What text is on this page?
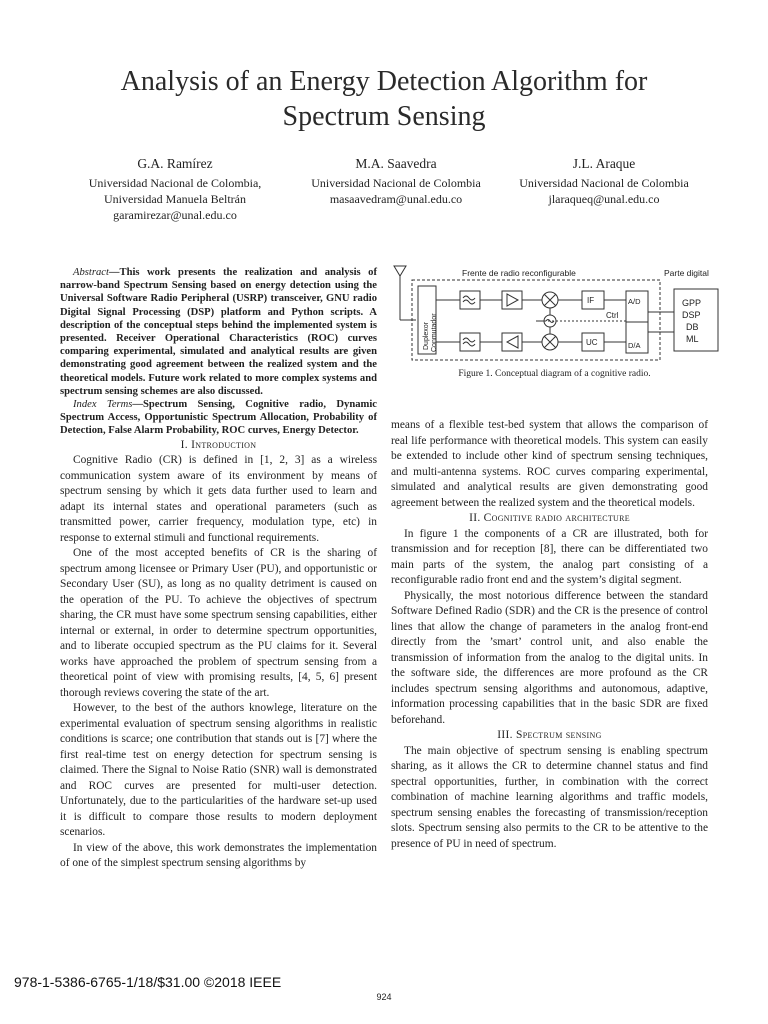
Analysis of an Energy Detection Algorithm for
Spectrum Sensing
G.A. Ramírez
Universidad Nacional de Colombia,
Universidad Manuela Beltrán
garamirezar@unal.edu.co
M.A. Saavedra
Universidad Nacional de Colombia
masaavedram@unal.edu.co
J.L. Araque
Universidad Nacional de Colombia
jlaraqueq@unal.edu.co

Abstract—This work presents the realization and analysis of narrow-band Spectrum Sensing based on energy detection using the Universal Software Radio Peripheral (USRP) transceiver, GNU radio Digital Signal Processing (DSP) platform and Python scripts. A description of the conceptual steps behind the implemented system is presented. Receiver Operational Characteristics (ROC) curves comparing experimental, simulated and analytical results are given demonstrating good agreement between the realized system and the theoretical models. Future work related to more complex systems and spectrum sensing schemes are also discussed.

Index Terms—Spectrum Sensing, Cognitive radio, Dynamic Spectrum Access, Opportunistic Spectrum Allocation, Probability of Detection, False Alarm Probability, ROC curves, Energy Detector.

I. Introduction

Cognitive Radio (CR) is defined in [1, 2, 3] as a wireless communication system aware of its environment by means of spectrum sensing by which it gets data further used to learn and adapt its internal states and operational parameters (such as transmitted power, carrier frequency, modulation type, etc) in response to external stimuli and functional requirements.

One of the most accepted benefits of CR is the sharing of spectrum among licensee or Primary User (PU), and opportunistic or Secondary User (SU), as long as no quality detriment is caused on the operation of the PU. To achieve the objectives of spectrum sharing, the CR must have some spectrum sensing capabilities, either internal or external, in order to determine spectrum opportunities, and to liberate occupied spectrum as the PU claims for it. Several works have approached the problem of spectrum sensing from a theoretical point of view with promising results, [4, 5, 6] present thorough reviews covering the state of the art.

However, to the best of the authors knowlege, literature on the experimental evaluation of spectrum sensing algorithms in realistic conditions is scarce; one contribution that stands out is [7] where the first real-time test on energy detection for spectrum sensing is claimed. There the Signal to Noise Ratio (SNR) wall is demonstrated and ROC curves are presented for multi-user detection. Unfortunately, due to the particularities of the hardware set-up used it is difficult to compare those results to modern deployment scenarios.

In view of the above, this work demonstrates the implementation of one of the simplest spectrum sensing algorithms by

Frente de radio reconfigurable	Parte digital
Duplexor Conmutador
IF
UC
Ctrl
A/D
D/A
GPP
DSP
DB
ML
Figure 1. Conceptual diagram of a cognitive radio.

means of a flexible test-bed system that allows the comparison of real life performance with theoretical models. This system can easily be extended to include other kind of spectrum sensing techniques, and multi-antenna systems. ROC curves comparing experimental, simulated and analytical results are given demonstrating good agreement between the realized system and the theoretical models.

II. Cognitive radio architecture

In figure 1 the components of a CR are illustrated, both for transmission and for reception [8], there can be differentiated two main parts of the system, the analog part consisting of a reconfigurable radio front end and the system’s digital segment.

Physically, the most notorious difference between the standard Software Defined Radio (SDR) and the CR is the presence of control lines that allow the change of parameters in the analog front-end directly from the ’smart’ control unit, and also enable the transmission of information from the analog to the digital units. In the software side, the differences are more profound as the CR includes spectrum sensing algorithms and autonomous, adaptive, information processing capabilities that in the basic SDR are fixed beforehand.

III. Spectrum sensing

The main objective of spectrum sensing is enabling spectrum sharing, as it allows the CR to determine channel status and find spectral opportunities, further, in combination with the correct combination of machine learning algorithms and traffic models, spectrum sensing enables the forecasting of transmission/reception slots. Spectrum sensing also permits to the CR to be attentive to the presence of PU in need of spectrum.

978-1-5386-6765-1/18/$31.00 ©2018 IEEE
924
